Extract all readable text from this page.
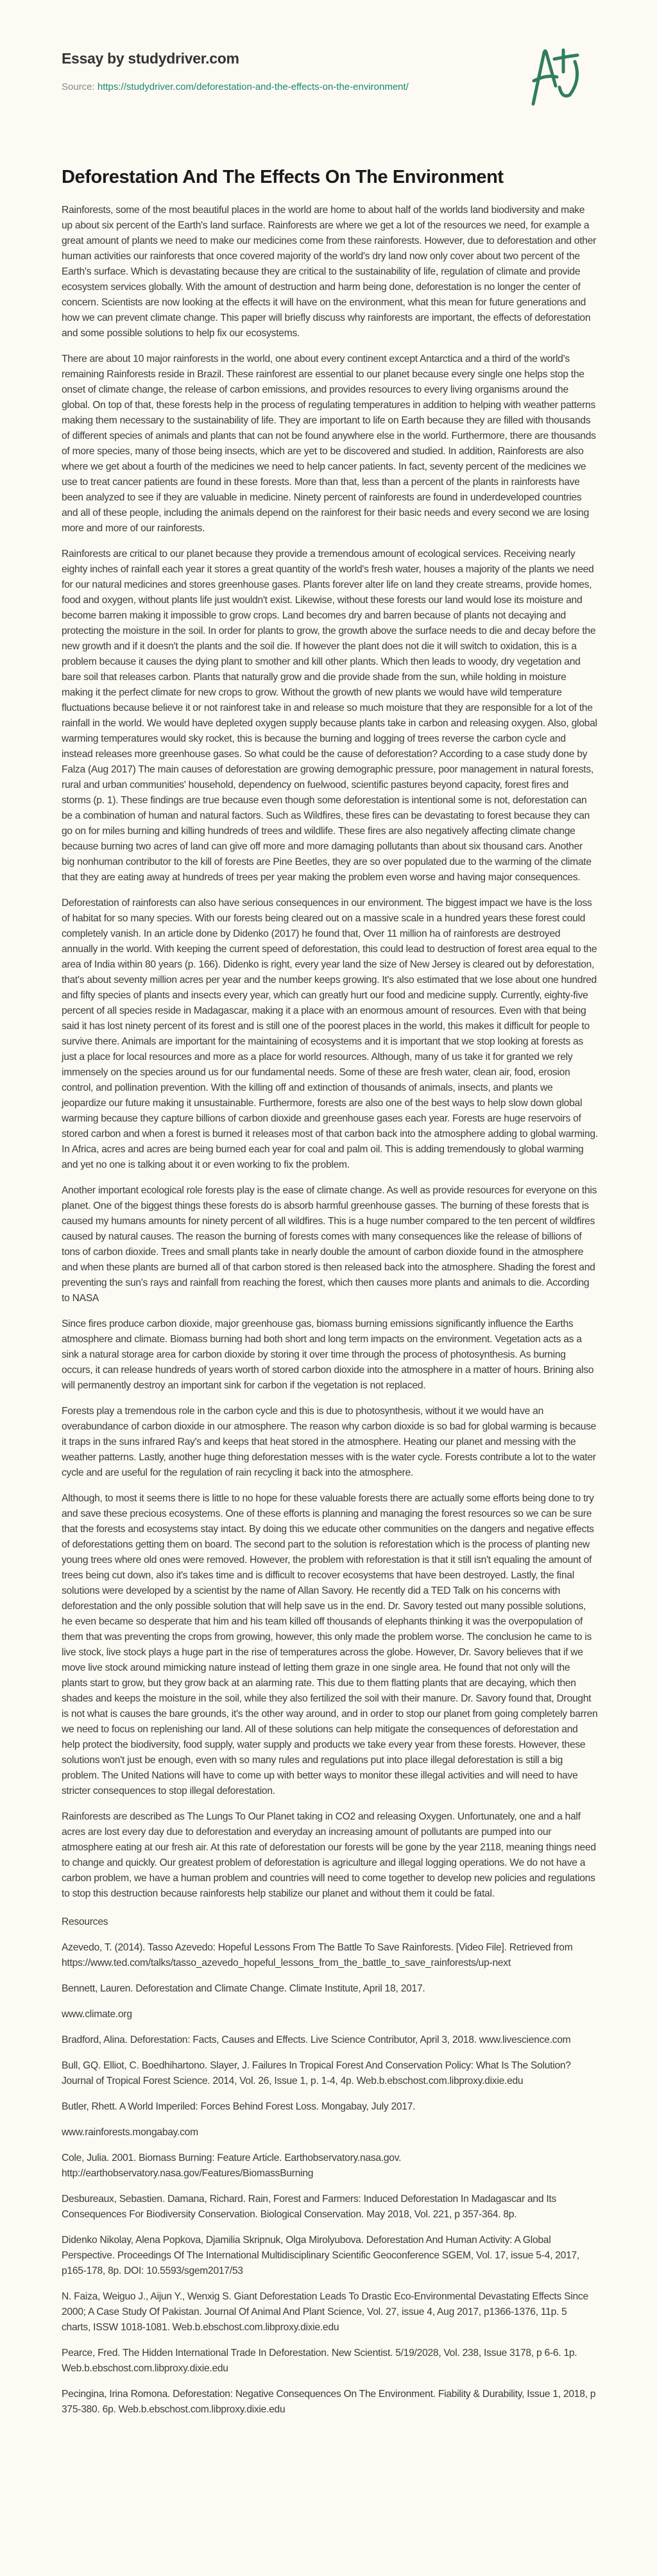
Essay by studydriver.com
Source: https://studydriver.com/deforestation-and-the-effects-on-the-environment/
Deforestation And The Effects On The Environment

Rainforests, some of the most beautiful places in the world are home to about half of the worlds land biodiversity and make up about six percent of the Earth's land surface. Rainforests are where we get a lot of the resources we need, for example a great amount of plants we need to make our medicines come from these rainforests. However, due to deforestation and other human activities our rainforests that once covered majority of the world's dry land now only cover about two percent of the Earth's surface. Which is devastating because they are critical to the sustainability of life, regulation of climate and provide ecosystem services globally. With the amount of destruction and harm being done, deforestation is no longer the center of concern. Scientists are now looking at the effects it will have on the environment, what this mean for future generations and how we can prevent climate change. This paper will briefly discuss why rainforests are important, the effects of deforestation and some possible solutions to help fix our ecosystems.

There are about 10 major rainforests in the world, one about every continent except Antarctica and a third of the world's remaining Rainforests reside in Brazil. These rainforest are essential to our planet because every single one helps stop the onset of climate change, the release of carbon emissions, and provides resources to every living organisms around the global. On top of that, these forests help in the process of regulating temperatures in addition to helping with weather patterns making them necessary to the sustainability of life. They are important to life on Earth because they are filled with thousands of different species of animals and plants that can not be found anywhere else in the world. Furthermore, there are thousands of more species, many of those being insects, which are yet to be discovered and studied. In addition, Rainforests are also where we get about a fourth of the medicines we need to help cancer patients. In fact, seventy percent of the medicines we use to treat cancer patients are found in these forests. More than that, less than a percent of the plants in rainforests have been analyzed to see if they are valuable in medicine. Ninety percent of rainforests are found in underdeveloped countries and all of these people, including the animals depend on the rainforest for their basic needs and every second we are losing more and more of our rainforests.

Rainforests are critical to our planet because they provide a tremendous amount of ecological services. Receiving nearly eighty inches of rainfall each year it stores a great quantity of the world's fresh water, houses a majority of the plants we need for our natural medicines and stores greenhouse gases. Plants forever alter life on land they create streams, provide homes, food and oxygen, without plants life just wouldn't exist. Likewise, without these forests our land would lose its moisture and become barren making it impossible to grow crops. Land becomes dry and barren because of plants not decaying and protecting the moisture in the soil. In order for plants to grow, the growth above the surface needs to die and decay before the new growth and if it doesn't the plants and the soil die. If however the plant does not die it will switch to oxidation, this is a problem because it causes the dying plant to smother and kill other plants. Which then leads to woody, dry vegetation and bare soil that releases carbon. Plants that naturally grow and die provide shade from the sun, while holding in moisture making it the perfect climate for new crops to grow. Without the growth of new plants we would have wild temperature fluctuations because believe it or not rainforest take in and release so much moisture that they are responsible for a lot of the rainfall in the world. We would have depleted oxygen supply because plants take in carbon and releasing oxygen. Also, global warming temperatures would sky rocket, this is because the burning and logging of trees reverse the carbon cycle and instead releases more greenhouse gases. So what could be the cause of deforestation? According to a case study done by Falza (Aug 2017) The main causes of deforestation are growing demographic pressure, poor management in natural forests, rural and urban communities' household, dependency on fuelwood, scientific pastures beyond capacity, forest fires and storms (p. 1). These findings are true because even though some deforestation is intentional some is not, deforestation can be a combination of human and natural factors. Such as Wildfires, these fires can be devastating to forest because they can go on for miles burning and killing hundreds of trees and wildlife. These fires are also negatively affecting climate change because burning two acres of land can give off more and more damaging pollutants than about six thousand cars. Another big nonhuman contributor to the kill of forests are Pine Beetles, they are so over populated due to the warming of the climate that they are eating away at hundreds of trees per year making the problem even worse and having major consequences.

Deforestation of rainforests can also have serious consequences in our environment. The biggest impact we have is the loss of habitat for so many species. With our forests being cleared out on a massive scale in a hundred years these forest could completely vanish. In an article done by Didenko (2017) he found that, Over 11 million ha of rainforests are destroyed annually in the world. With keeping the current speed of deforestation, this could lead to destruction of forest area equal to the area of India within 80 years (p. 166). Didenko is right, every year land the size of New Jersey is cleared out by deforestation, that's about seventy million acres per year and the number keeps growing. It's also estimated that we lose about one hundred and fifty species of plants and insects every year, which can greatly hurt our food and medicine supply. Currently, eighty-five percent of all species reside in Madagascar, making it a place with an enormous amount of resources. Even with that being said it has lost ninety percent of its forest and is still one of the poorest places in the world, this makes it difficult for people to survive there. Animals are important for the maintaining of ecosystems and it is important that we stop looking at forests as just a place for local resources and more as a place for world resources. Although, many of us take it for granted we rely immensely on the species around us for our fundamental needs. Some of these are fresh water, clean air, food, erosion control, and pollination prevention. With the killing off and extinction of thousands of animals, insects, and plants we jeopardize our future making it unsustainable. Furthermore, forests are also one of the best ways to help slow down global warming because they capture billions of carbon dioxide and greenhouse gases each year. Forests are huge reservoirs of stored carbon and when a forest is burned it releases most of that carbon back into the atmosphere adding to global warming. In Africa, acres and acres are being burned each year for coal and palm oil. This is adding tremendously to global warming and yet no one is talking about it or even working to fix the problem.

Another important ecological role forests play is the ease of climate change. As well as provide resources for everyone on this planet. One of the biggest things these forests do is absorb harmful greenhouse gasses. The burning of these forests that is caused my humans amounts for ninety percent of all wildfires. This is a huge number compared to the ten percent of wildfires caused by natural causes. The reason the burning of forests comes with many consequences like the release of billions of tons of carbon dioxide. Trees and small plants take in nearly double the amount of carbon dioxide found in the atmosphere and when these plants are burned all of that carbon stored is then released back into the atmosphere. Shading the forest and preventing the sun's rays and rainfall from reaching the forest, which then causes more plants and animals to die. According to NASA

Since fires produce carbon dioxide, major greenhouse gas, biomass burning emissions significantly influence the Earths atmosphere and climate. Biomass burning had both short and long term impacts on the environment. Vegetation acts as a sink a natural storage area for carbon dioxide by storing it over time through the process of photosynthesis. As burning occurs, it can release hundreds of years worth of stored carbon dioxide into the atmosphere in a matter of hours. Brining also will permanently destroy an important sink for carbon if the vegetation is not replaced.

Forests play a tremendous role in the carbon cycle and this is due to photosynthesis, without it we would have an overabundance of carbon dioxide in our atmosphere. The reason why carbon dioxide is so bad for global warming is because it traps in the suns infrared Ray's and keeps that heat stored in the atmosphere. Heating our planet and messing with the weather patterns. Lastly, another huge thing deforestation messes with is the water cycle. Forests contribute a lot to the water cycle and are useful for the regulation of rain recycling it back into the atmosphere.

Although, to most it seems there is little to no hope for these valuable forests there are actually some efforts being done to try and save these precious ecosystems. One of these efforts is planning and managing the forest resources so we can be sure that the forests and ecosystems stay intact. By doing this we educate other communities on the dangers and negative effects of deforestations getting them on board. The second part to the solution is reforestation which is the process of planting new young trees where old ones were removed. However, the problem with reforestation is that it still isn't equaling the amount of trees being cut down, also it's takes time and is difficult to recover ecosystems that have been destroyed. Lastly, the final solutions were developed by a scientist by the name of Allan Savory. He recently did a TED Talk on his concerns with deforestation and the only possible solution that will help save us in the end. Dr. Savory tested out many possible solutions, he even became so desperate that him and his team killed off thousands of elephants thinking it was the overpopulation of them that was preventing the crops from growing, however, this only made the problem worse. The conclusion he came to is live stock, live stock plays a huge part in the rise of temperatures across the globe. However, Dr. Savory believes that if we move live stock around mimicking nature instead of letting them graze in one single area. He found that not only will the plants start to grow, but they grow back at an alarming rate. This due to them flatting plants that are decaying, which then shades and keeps the moisture in the soil, while they also fertilized the soil with their manure. Dr. Savory found that, Drought is not what is causes the bare grounds, it's the other way around, and in order to stop our planet from going completely barren we need to focus on replenishing our land. All of these solutions can help mitigate the consequences of deforestation and help protect the biodiversity, food supply, water supply and products we take every year from these forests. However, these solutions won't just be enough, even with so many rules and regulations put into place illegal deforestation is still a big problem. The United Nations will have to come up with better ways to monitor these illegal activities and will need to have stricter consequences to stop illegal deforestation.

Rainforests are described as The Lungs To Our Planet taking in CO2 and releasing Oxygen. Unfortunately, one and a half acres are lost every day due to deforestation and everyday an increasing amount of pollutants are pumped into our atmosphere eating at our fresh air. At this rate of deforestation our forests will be gone by the year 2118, meaning things need to change and quickly. Our greatest problem of deforestation is agriculture and illegal logging operations. We do not have a carbon problem, we have a human problem and countries will need to come together to develop new policies and regulations to stop this destruction because rainforests help stabilize our planet and without them it could be fatal.

Resources

Azevedo, T. (2014). Tasso Azevedo: Hopeful Lessons From The Battle To Save Rainforests. [Video File]. Retrieved from https://www.ted.com/talks/tasso_azevedo_hopeful_lessons_from_the_battle_to_save_rainforests/up-next

Bennett, Lauren. Deforestation and Climate Change. Climate Institute, April 18, 2017.

www.climate.org

Bradford, Alina. Deforestation: Facts, Causes and Effects. Live Science Contributor, April 3, 2018. www.livescience.com

Bull, GQ. Elliot, C. Boedhihartono. Slayer, J. Failures In Tropical Forest And Conservation Policy: What Is The Solution? Journal of Tropical Forest Science. 2014, Vol. 26, Issue 1, p. 1-4, 4p. Web.b.ebschost.com.libproxy.dixie.edu

Butler, Rhett. A World Imperiled: Forces Behind Forest Loss. Mongabay, July 2017.

www.rainforests.mongabay.com

Cole, Julia. 2001. Biomass Burning: Feature Article. Earthobservatory.nasa.gov. http://earthobservatory.nasa.gov/Features/BiomassBurning

Desbureaux, Sebastien. Damana, Richard. Rain, Forest and Farmers: Induced Deforestation In Madagascar and Its Consequences For Biodiversity Conservation. Biological Conservation. May 2018, Vol. 221, p 357-364. 8p.

Didenko Nikolay, Alena Popkova, Djamilia Skripnuk, Olga Mirolyubova. Deforestation And Human Activity: A Global Perspective. Proceedings Of The International Multidisciplinary Scientific Geoconference SGEM, Vol. 17, issue 5-4, 2017, p165-178, 8p. DOI: 10.5593/sgem2017/53

N. Faiza, Weiguo J., Aijun Y., Wenxig S. Giant Deforestation Leads To Drastic Eco-Environmental Devastating Effects Since 2000; A Case Study Of Pakistan. Journal Of Animal And Plant Science, Vol. 27, issue 4, Aug 2017, p1366-1376, 11p. 5 charts, ISSW 1018-1081. Web.b.ebschost.com.libproxy.dixie.edu

Pearce, Fred. The Hidden International Trade In Deforestation. New Scientist. 5/19/2028, Vol. 238, Issue 3178, p 6-6. 1p. Web.b.ebschost.com.libproxy.dixie.edu

Pecingina, Irina Romona. Deforestation: Negative Consequences On The Environment. Fiability & Durability, Issue 1, 2018, p 375-380. 6p. Web.b.ebschost.com.libproxy.dixie.edu
